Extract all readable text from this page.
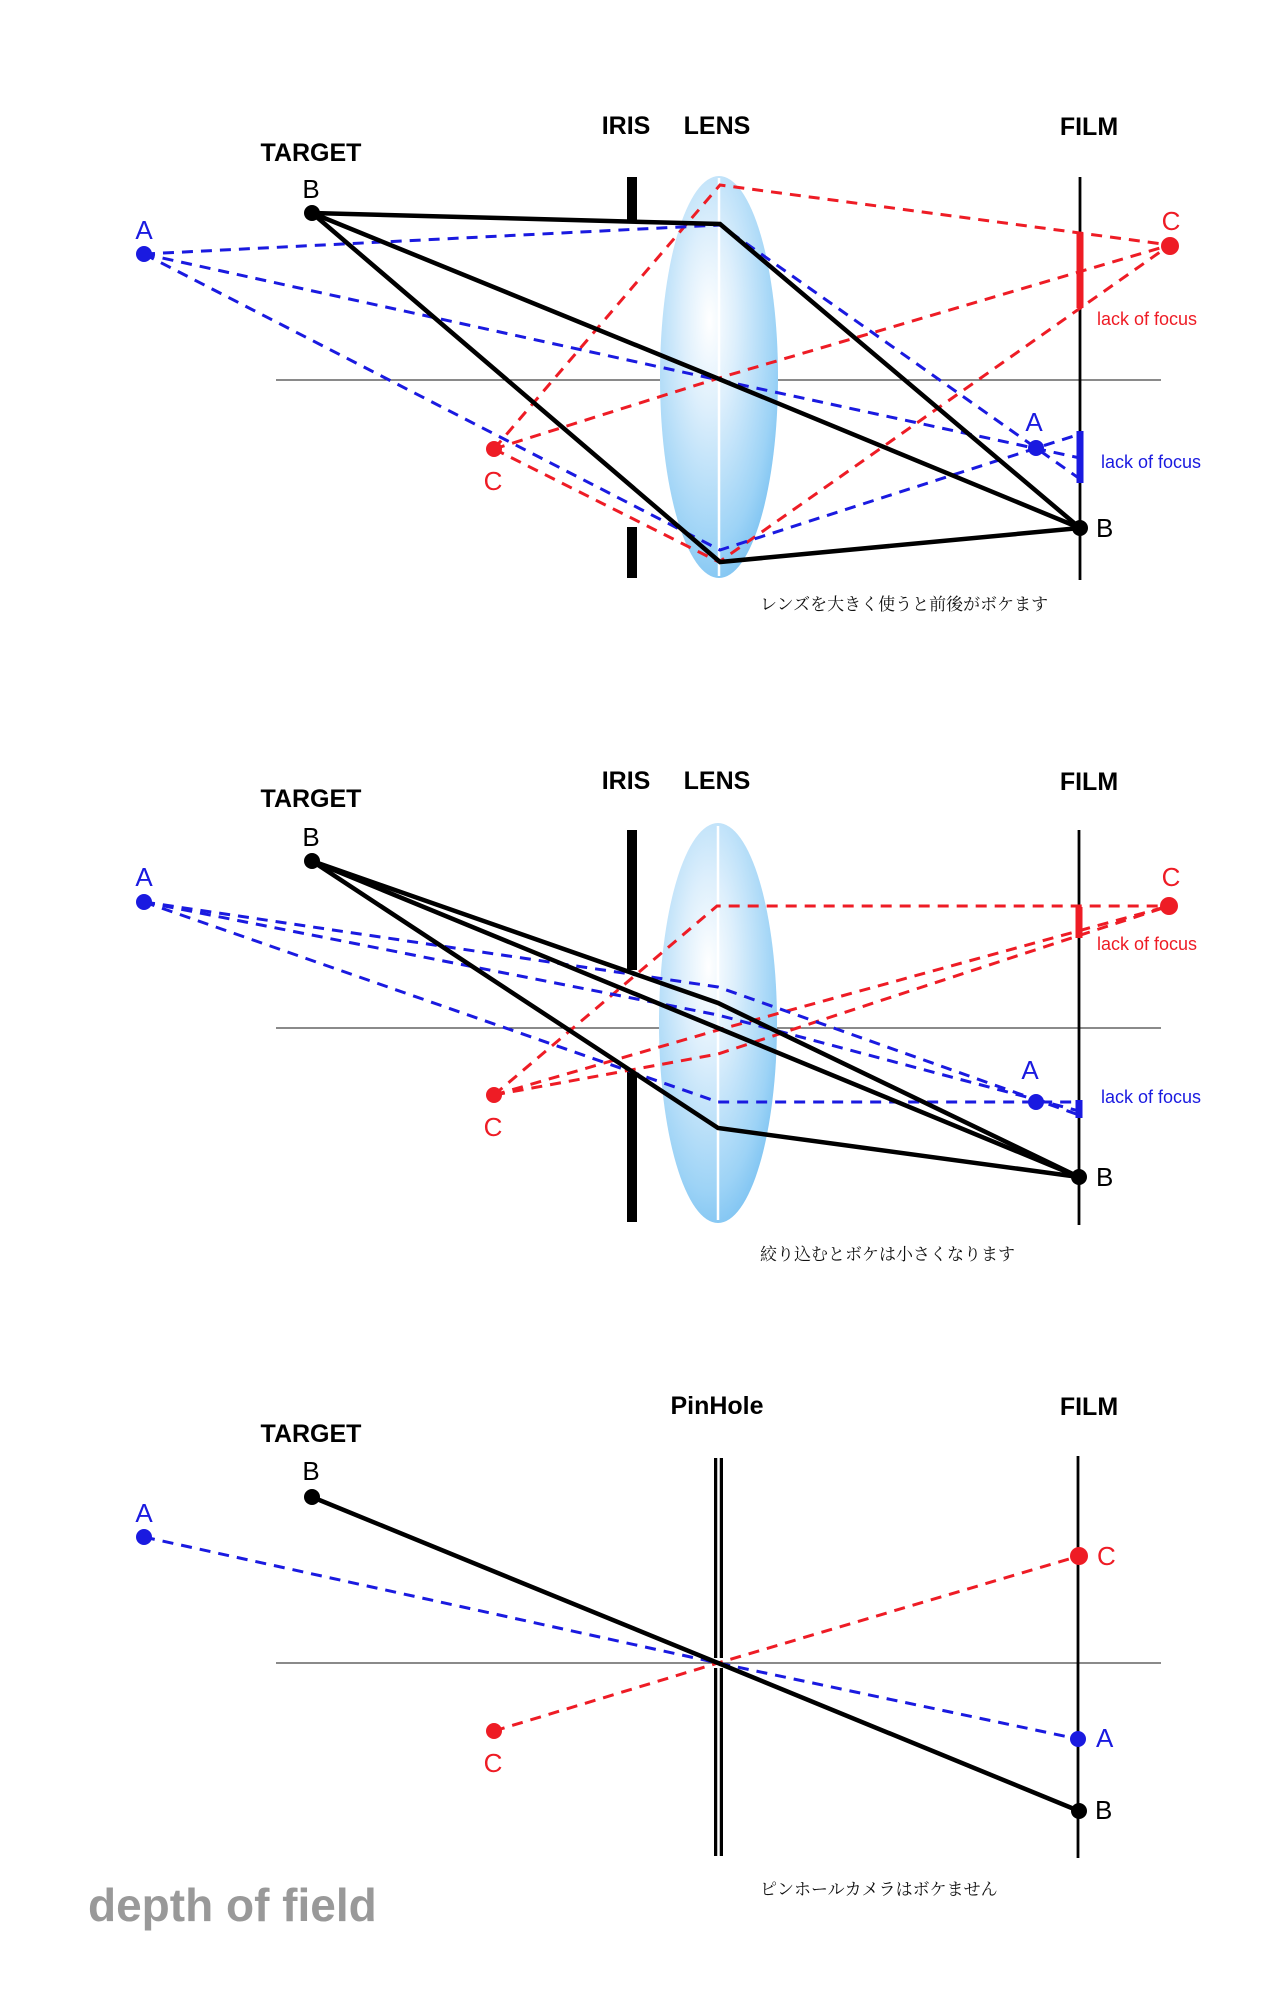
TARGET
IRIS LENS	FILM
B
A
C
C
A
B
lack of focus
lack of focus
レンズを大きく使うと前後がボケます
TARGET
IRIS LENS	FILM
B
A
C
C
A
B
lack of focus
lack of focus
絞り込むとボケは小さくなります
TARGET
PinHole	FILM
B
A
C
C
A
B
ピンホールカメラはボケません
depth of field
